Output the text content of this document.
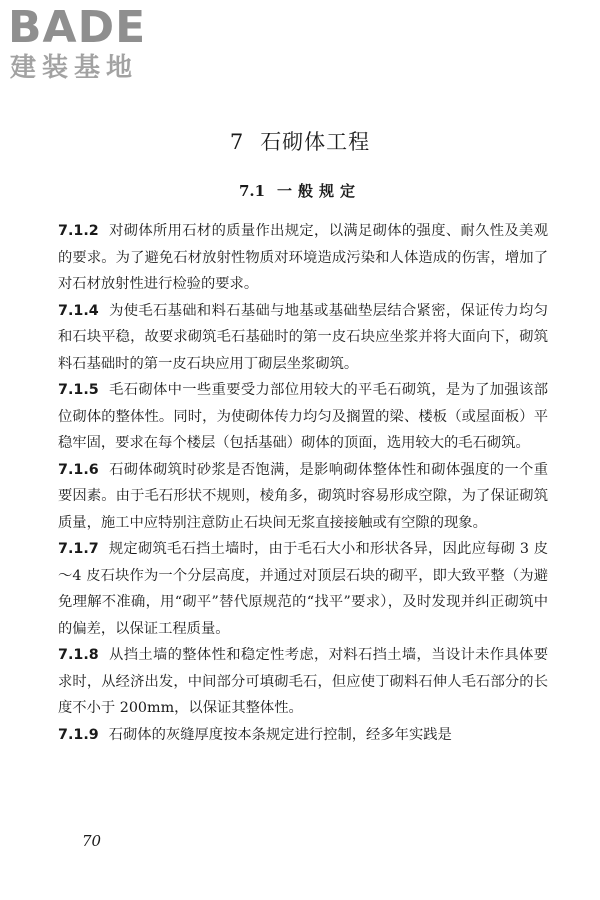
BADE
建装基地
7 石砌体工程
7.1 一般规定

7.1.2 对砌体所用石材的质量作出规定，以满足砌体的强度、耐久性及美观的要求。为了避免石材放射性物质对环境造成污染和人体造成的伤害，增加了对石材放射性进行检验的要求。

7.1.4 为使毛石基础和料石基础与地基或基础垫层结合紧密，保证传力均匀和石块平稳，故要求砌筑毛石基础时的第一皮石块应坐浆并将大面向下，砌筑料石基础时的第一皮石块应用丁砌层坐浆砌筑。

7.1.5 毛石砌体中一些重要受力部位用较大的平毛石砌筑，是为了加强该部位砌体的整体性。同时，为使砌体传力均匀及搁置的梁、楼板（或屋面板）平稳牢固，要求在每个楼层（包括基础）砌体的顶面，选用较大的毛石砌筑。

7.1.6 石砌体砌筑时砂浆是否饱满，是影响砌体整体性和砌体强度的一个重要因素。由于毛石形状不规则，棱角多，砌筑时容易形成空隙，为了保证砌筑质量，施工中应特别注意防止石块间无浆直接接触或有空隙的现象。

7.1.7 规定砌筑毛石挡土墙时，由于毛石大小和形状各异，因此应每砌 3 皮～4 皮石块作为一个分层高度，并通过对顶层石块的砌平，即大致平整（为避免理解不准确，用“砌平”替代原规范的“找平”要求），及时发现并纠正砌筑中的偏差，以保证工程质量。

7.1.8 从挡土墙的整体性和稳定性考虑，对料石挡土墙，当设计未作具体要求时，从经济出发，中间部分可填砌毛石，但应使丁砌料石伸人毛石部分的长度不小于 200mm，以保证其整体性。

7.1.9 石砌体的灰缝厚度按本条规定进行控制，经多年实践是

70
